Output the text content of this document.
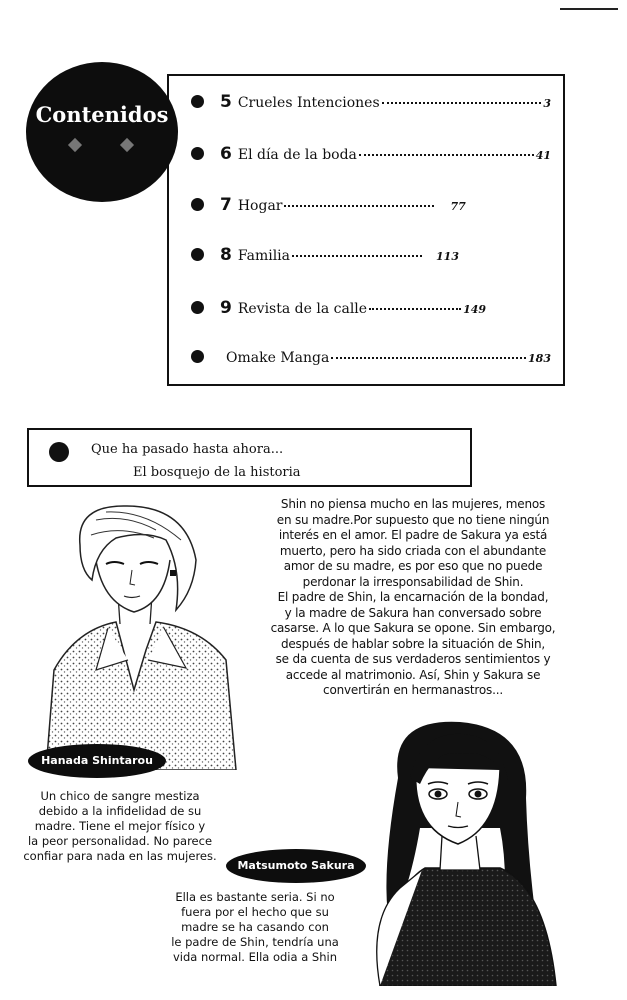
Contenidos	5 Crueles Intenciones	3
6 El día de la boda	41
7 Hogar	77
8 Familia	113
9 Revista de la calle	149
Omake Manga	183
Que ha pasado hasta ahora...
El bosquejo de la historia
Shin no piensa mucho en las mujeres, menos
en su madre.Por supuesto que no tiene ningún
interés en el amor. El padre de Sakura ya está
muerto, pero ha sido criada con el abundante
amor de su madre, es por eso que no puede
perdonar la irresponsabilidad de Shin.
El padre de Shin, la encarnación de la bondad,
y la madre de Sakura han conversado sobre
casarse. A lo que Sakura se opone. Sin embargo,
después de hablar sobre la situación de Shin,
se da cuenta de sus verdaderos sentimientos y
accede al matrimonio. Así, Shin y Sakura se
convertirán en hermanastros...
Hanada Shintarou
Un chico de sangre mestiza
debido a la infidelidad de su
madre. Tiene el mejor físico y
la peor personalidad. No parece
confiar para nada en las mujeres.
Matsumoto Sakura
Ella es bastante seria. Si no
fuera por el hecho que su
madre se ha casando con
le padre de Shin, tendría una
vida normal. Ella odia a Shin
